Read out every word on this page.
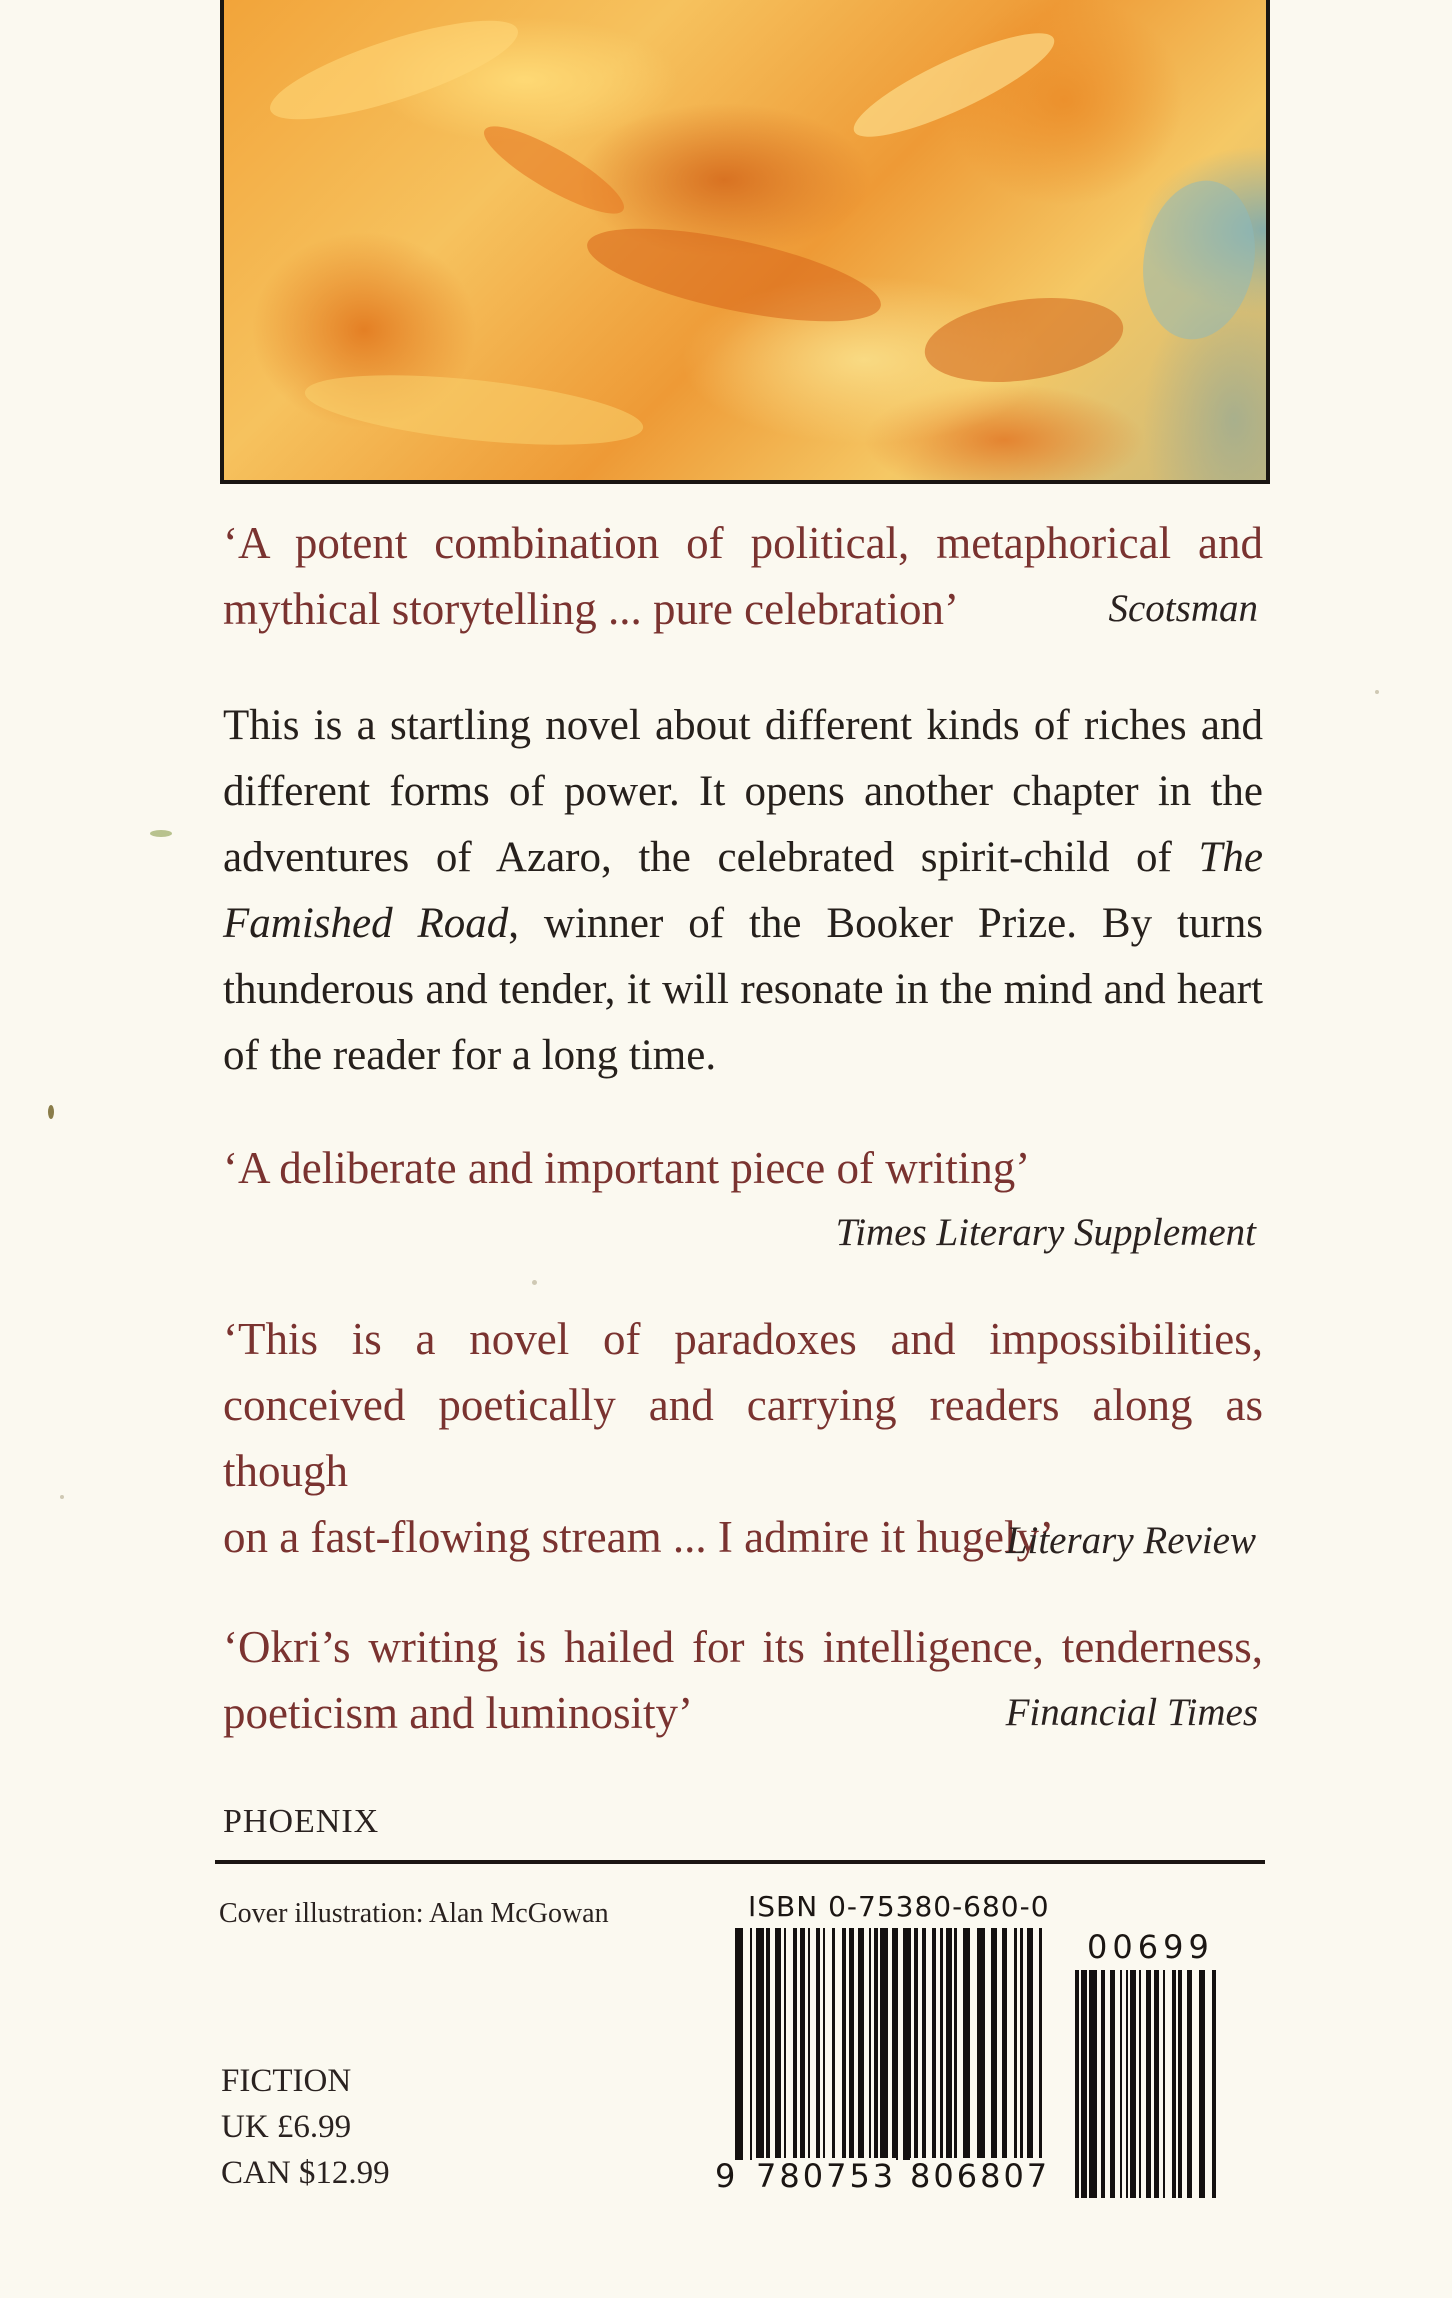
‘A potent combination of political, metaphorical and
mythical storytelling ... pure celebration’	Scotsman

This is a startling novel about different kinds of riches and different forms of power. It opens another chapter in the adventures of Azaro, the celebrated spirit-child of The Famished Road, winner of the Booker Prize. By turns thunderous and tender, it will resonate in the mind and heart of the reader for a long time.

‘A deliberate and important piece of writing’

Times Literary Supplement

‘This is a novel of paradoxes and impossibilities,
conceived poetically and carrying readers along as though
on a fast-flowing stream ... I admire it hugely’

Literary Review

‘Okri’s writing is hailed for its intelligence, tenderness,
poeticism and luminosity’	Financial Times

PHOENIX
Cover illustration: Alan McGowan	ISBN 0-75380-680-0
9 780753 806807
00699
FICTION
UK £6.99
CAN $12.99
